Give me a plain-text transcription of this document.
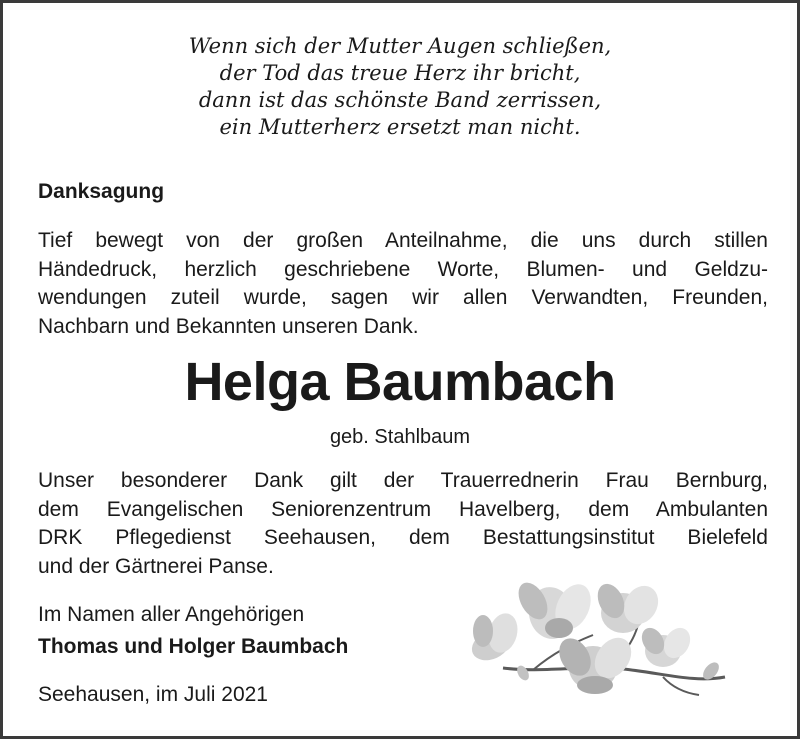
Wenn sich der Mutter Augen schließen,
der Tod das treue Herz ihr bricht,
dann ist das schönste Band zerrissen,
ein Mutterherz ersetzt man nicht.
Danksagung
Tief bewegt von der großen Anteilnahme, die uns durch stillen
Händedruck, herzlich geschriebene Worte, Blumen- und Geldzu-
wendungen zuteil wurde, sagen wir allen Verwandten, Freunden,
Nachbarn und Bekannten unseren Dank.
Helga Baumbach
geb. Stahlbaum
Unser besonderer Dank gilt der Trauerrednerin Frau Bernburg,
dem Evangelischen Seniorenzentrum Havelberg, dem Ambulanten
DRK Pflegedienst Seehausen, dem Bestattungsinstitut Bielefeld
und der Gärtnerei Panse.
Im Namen aller Angehörigen
Thomas und Holger Baumbach
Seehausen, im Juli 2021
